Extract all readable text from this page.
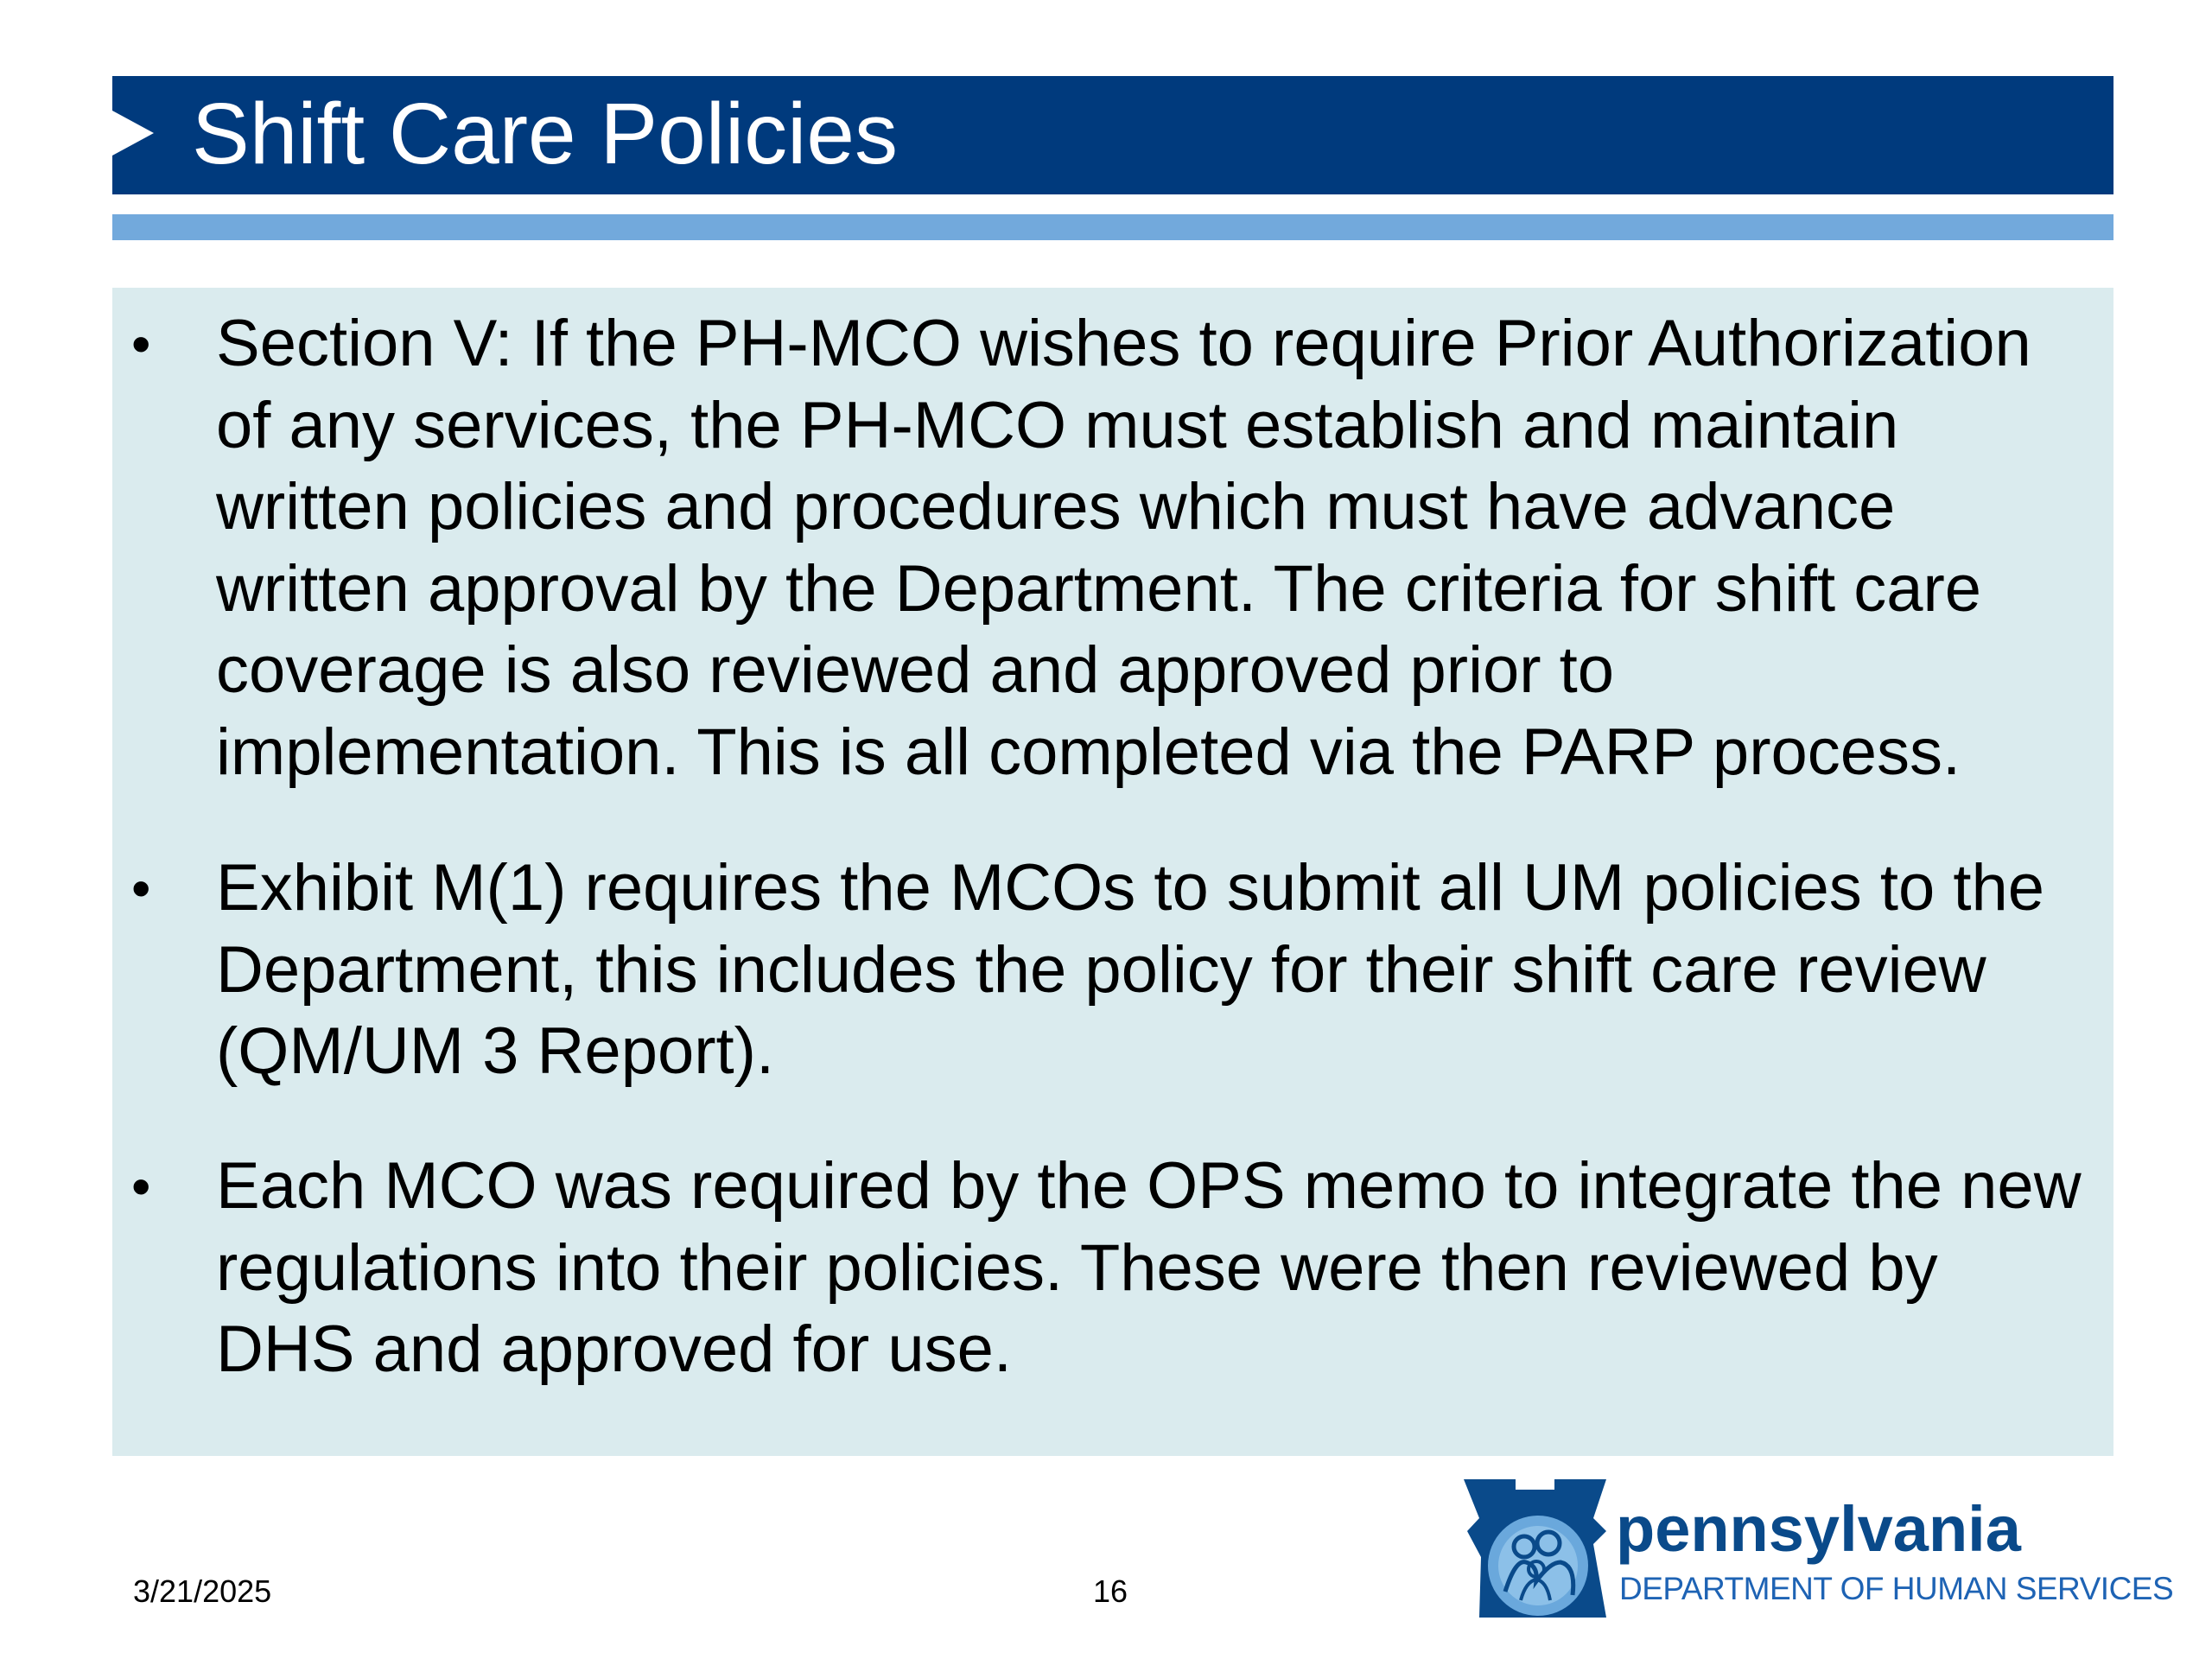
Shift Care Policies
• Section V: If the PH-MCO wishes to require Prior Authorization of any services, the PH-MCO must establish and maintain written policies and procedures which must have advance written approval by the Department. The criteria for shift care coverage is also reviewed and approved prior to implementation. This is all completed via the PARP process.
• Exhibit M(1) requires the MCOs to submit all UM policies to the Department, this includes the policy for their shift care review (QM/UM 3 Report).
• Each MCO was required by the OPS memo to integrate the new regulations into their policies. These were then reviewed by DHS and approved for use.
3/21/2025	16
pennsylvania
DEPARTMENT OF HUMAN SERVICES
